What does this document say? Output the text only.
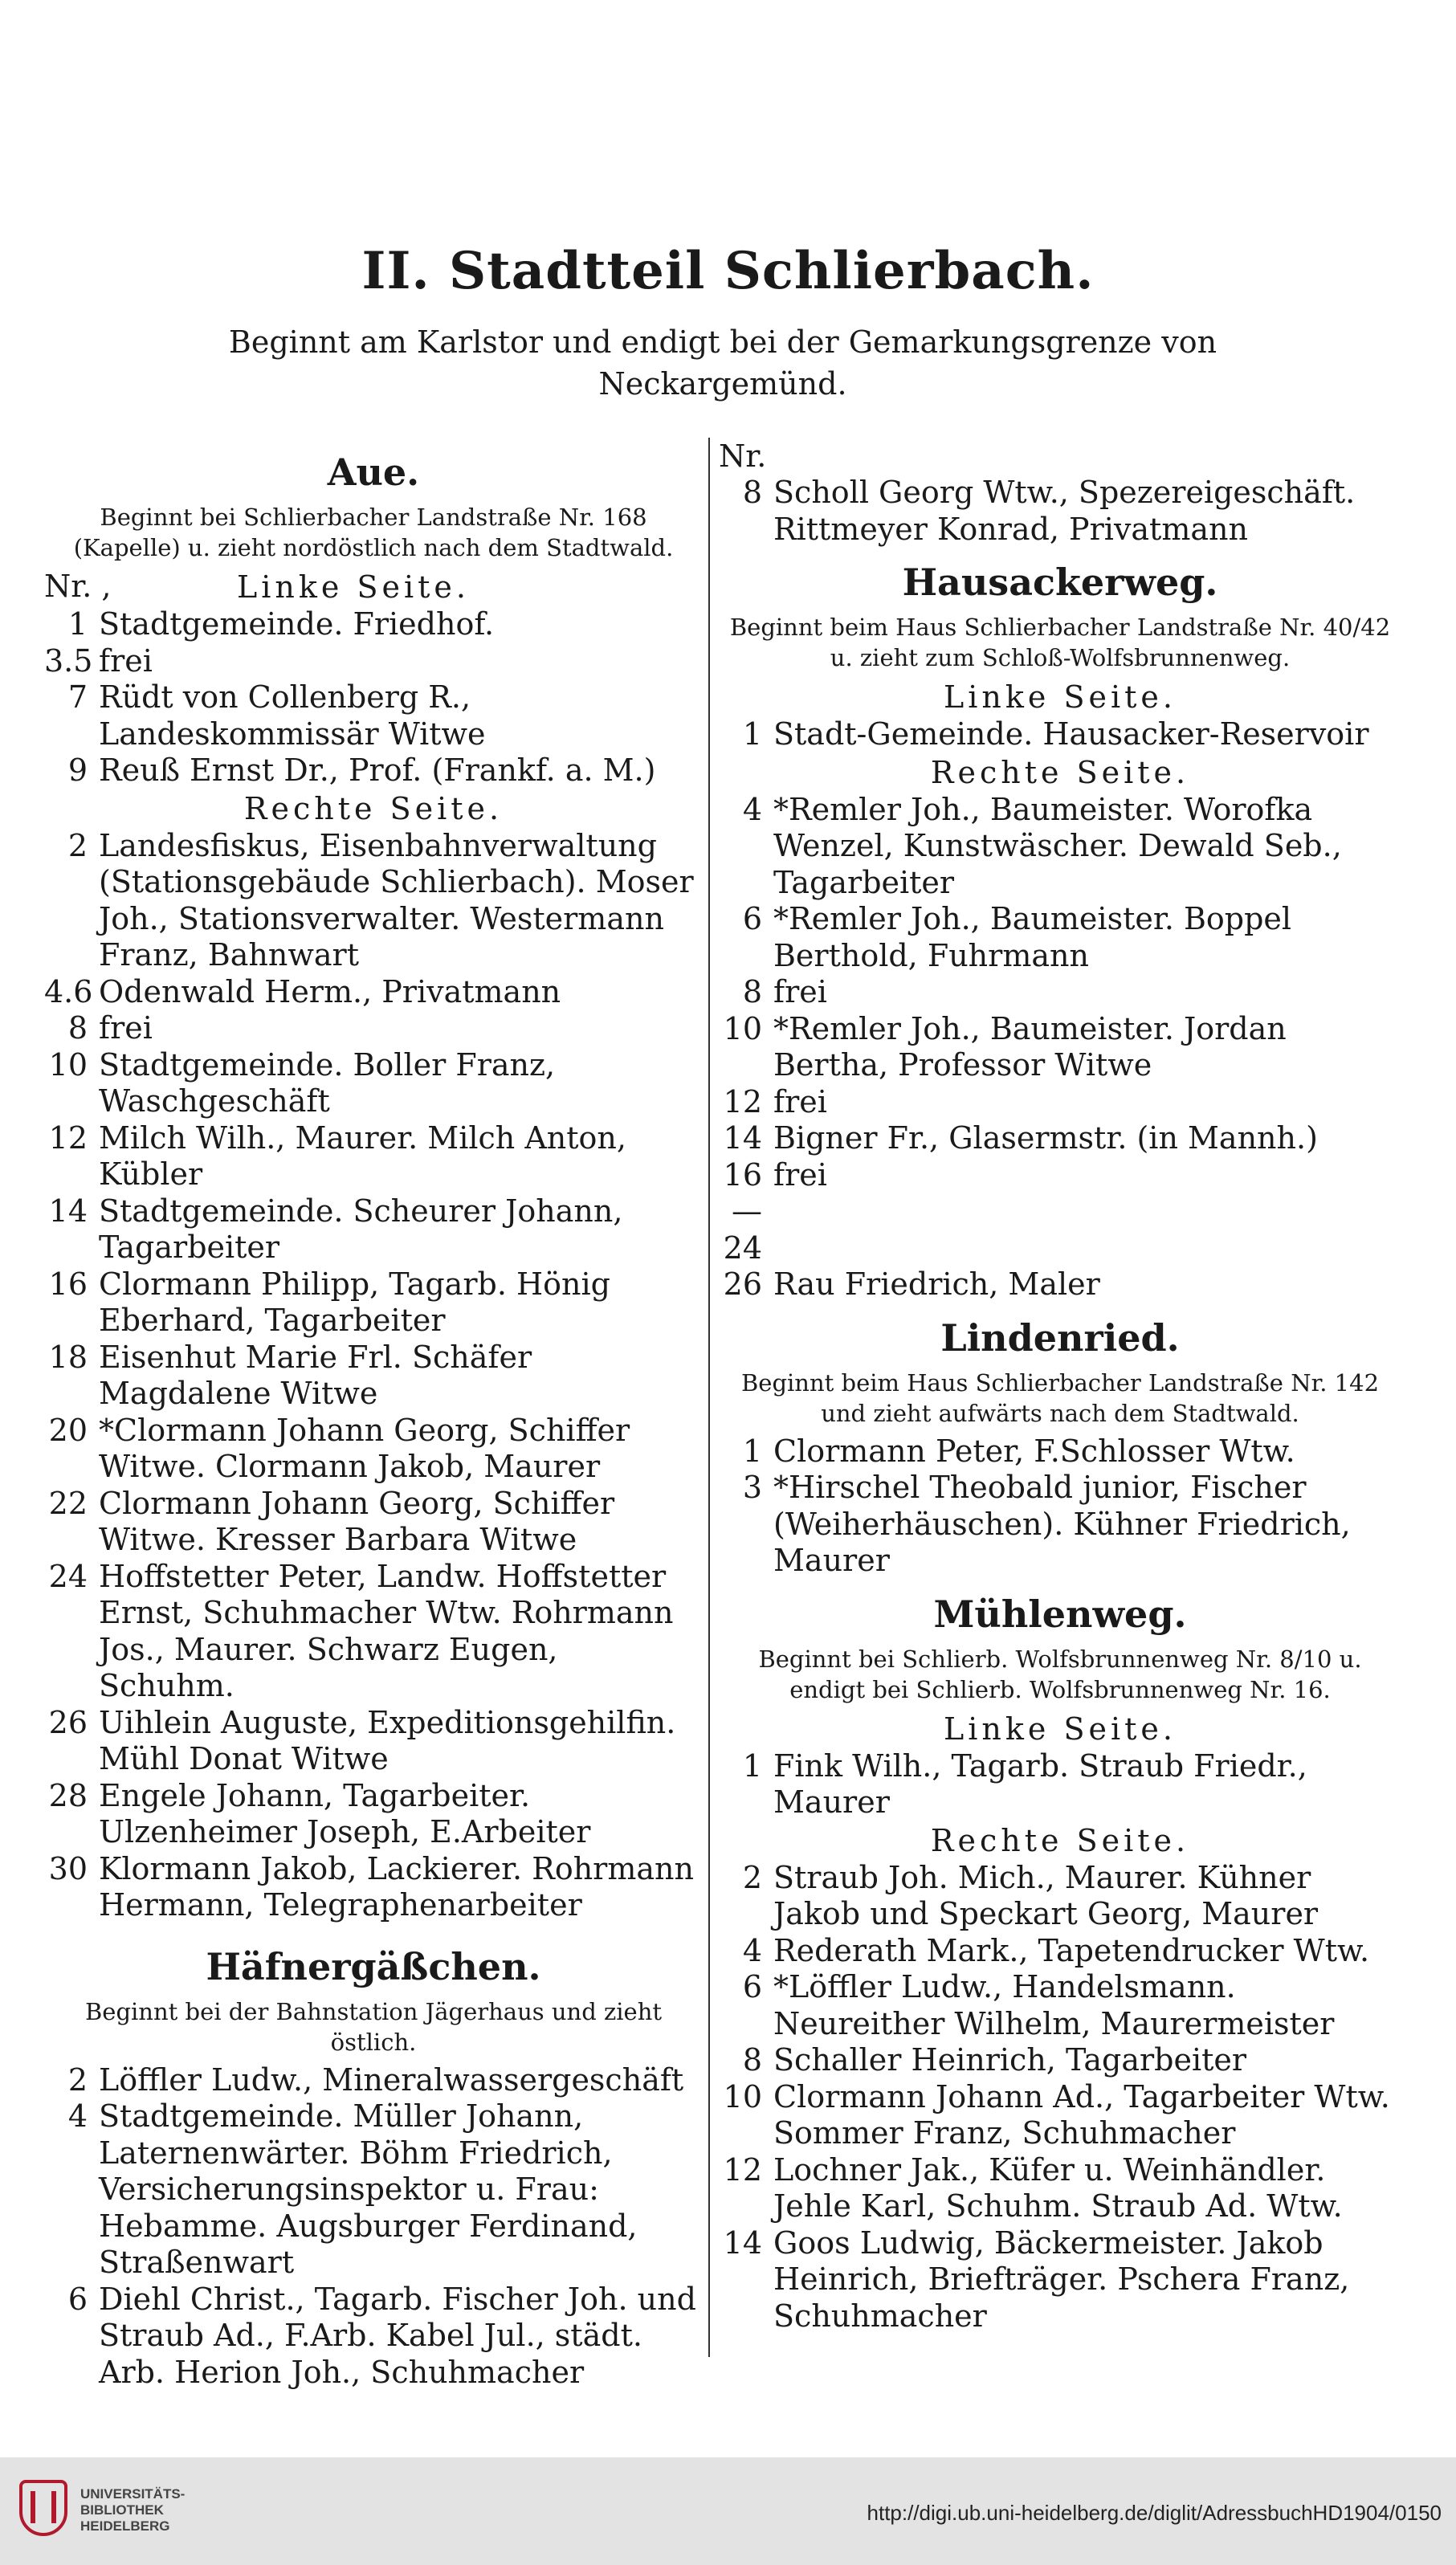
II. Stadtteil Schlierbach.
Beginnt am Karlstor und endigt bei der Gemarkungsgrenze von Neckargemünd.
Aue.
Beginnt bei Schlierbacher Landstraße Nr. 168 (Kapelle) u. zieht nordöstlich nach dem Stadtwald.
Nr. ,	Linke Seite.
1 Stadtgemeinde. Friedhof.
3.5 frei
7 Rüdt von Collenberg R., Landeskommissär Witwe
9 Reuß Ernst Dr., Prof. (Frankf. a. M.)
Rechte Seite.
2 Landesfiskus, Eisenbahnverwaltung (Stationsgebäude Schlierbach). Moser Joh., Stationsverwalter. Westermann Franz, Bahnwart
4.6 Odenwald Herm., Privatmann
8 frei
10 Stadtgemeinde. Boller Franz, Waschgeschäft
12 Milch Wilh., Maurer. Milch Anton, Kübler
14 Stadtgemeinde. Scheurer Johann, Tagarbeiter
16 Clormann Philipp, Tagarb. Hönig Eberhard, Tagarbeiter
18 Eisenhut Marie Frl. Schäfer Magdalene Witwe
20 *Clormann Johann Georg, Schiffer Witwe. Clormann Jakob, Maurer
22 Clormann Johann Georg, Schiffer Witwe. Kresser Barbara Witwe
24 Hoffstetter Peter, Landw. Hoffstetter Ernst, Schuhmacher Wtw. Rohrmann Jos., Maurer. Schwarz Eugen, Schuhm.
26 Uihlein Auguste, Expeditionsgehilfin. Mühl Donat Witwe
28 Engele Johann, Tagarbeiter. Ulzenheimer Joseph, E.Arbeiter
30 Klormann Jakob, Lackierer. Rohrmann Hermann, Telegraphenarbeiter
Häfnergäßchen.
Beginnt bei der Bahnstation Jägerhaus und zieht östlich.
2 Löffler Ludw., Mineralwassergeschäft
4 Stadtgemeinde. Müller Johann, Laternenwärter. Böhm Friedrich, Versicherungsinspektor u. Frau: Hebamme. Augsburger Ferdinand, Straßenwart
6 Diehl Christ., Tagarb. Fischer Joh. und Straub Ad., F.Arb. Kabel Jul., städt. Arb. Herion Joh., Schuhmacher
Nr.
8 Scholl Georg Wtw., Spezereigeschäft. Rittmeyer Konrad, Privatmann
Hausackerweg.
Beginnt beim Haus Schlierbacher Landstraße Nr. 40/42 u. zieht zum Schloß-Wolfsbrunnenweg.
Linke Seite.
1 Stadt-Gemeinde. Hausacker-Reservoir
Rechte Seite.
4 *Remler Joh., Baumeister. Worofka Wenzel, Kunstwäscher. Dewald Seb., Tagarbeiter
6 *Remler Joh., Baumeister. Boppel Berthold, Fuhrmann
8 frei
10 *Remler Joh., Baumeister. Jordan Bertha, Professor Witwe
12 frei
14 Bigner Fr., Glasermstr. (in Mannh.)
16—24
frei
26 Rau Friedrich, Maler
Lindenried.
Beginnt beim Haus Schlierbacher Landstraße Nr. 142 und zieht aufwärts nach dem Stadtwald.
1 Clormann Peter, F.Schlosser Wtw.
3 *Hirschel Theobald junior, Fischer (Weiherhäuschen). Kühner Friedrich, Maurer
Mühlenweg.
Beginnt bei Schlierb. Wolfsbrunnenweg Nr. 8/10 u. endigt bei Schlierb. Wolfsbrunnenweg Nr. 16.
Linke Seite.
1 Fink Wilh., Tagarb. Straub Friedr., Maurer
Rechte Seite.
2 Straub Joh. Mich., Maurer. Kühner Jakob und Speckart Georg, Maurer
4 Rederath Mark., Tapetendrucker Wtw.
6 *Löffler Ludw., Handelsmann. Neureither Wilhelm, Maurermeister
8 Schaller Heinrich, Tagarbeiter
10 Clormann Johann Ad., Tagarbeiter Wtw. Sommer Franz, Schuhmacher
12 Lochner Jak., Küfer u. Weinhändler. Jehle Karl, Schuhm. Straub Ad. Wtw.
14 Goos Ludwig, Bäckermeister. Jakob Heinrich, Briefträger. Pschera Franz, Schuhmacher
UNIVERSITÄTS-
BIBLIOTHEK
HEIDELBERG
http://digi.ub.uni-heidelberg.de/diglit/AdressbuchHD1904/0150
